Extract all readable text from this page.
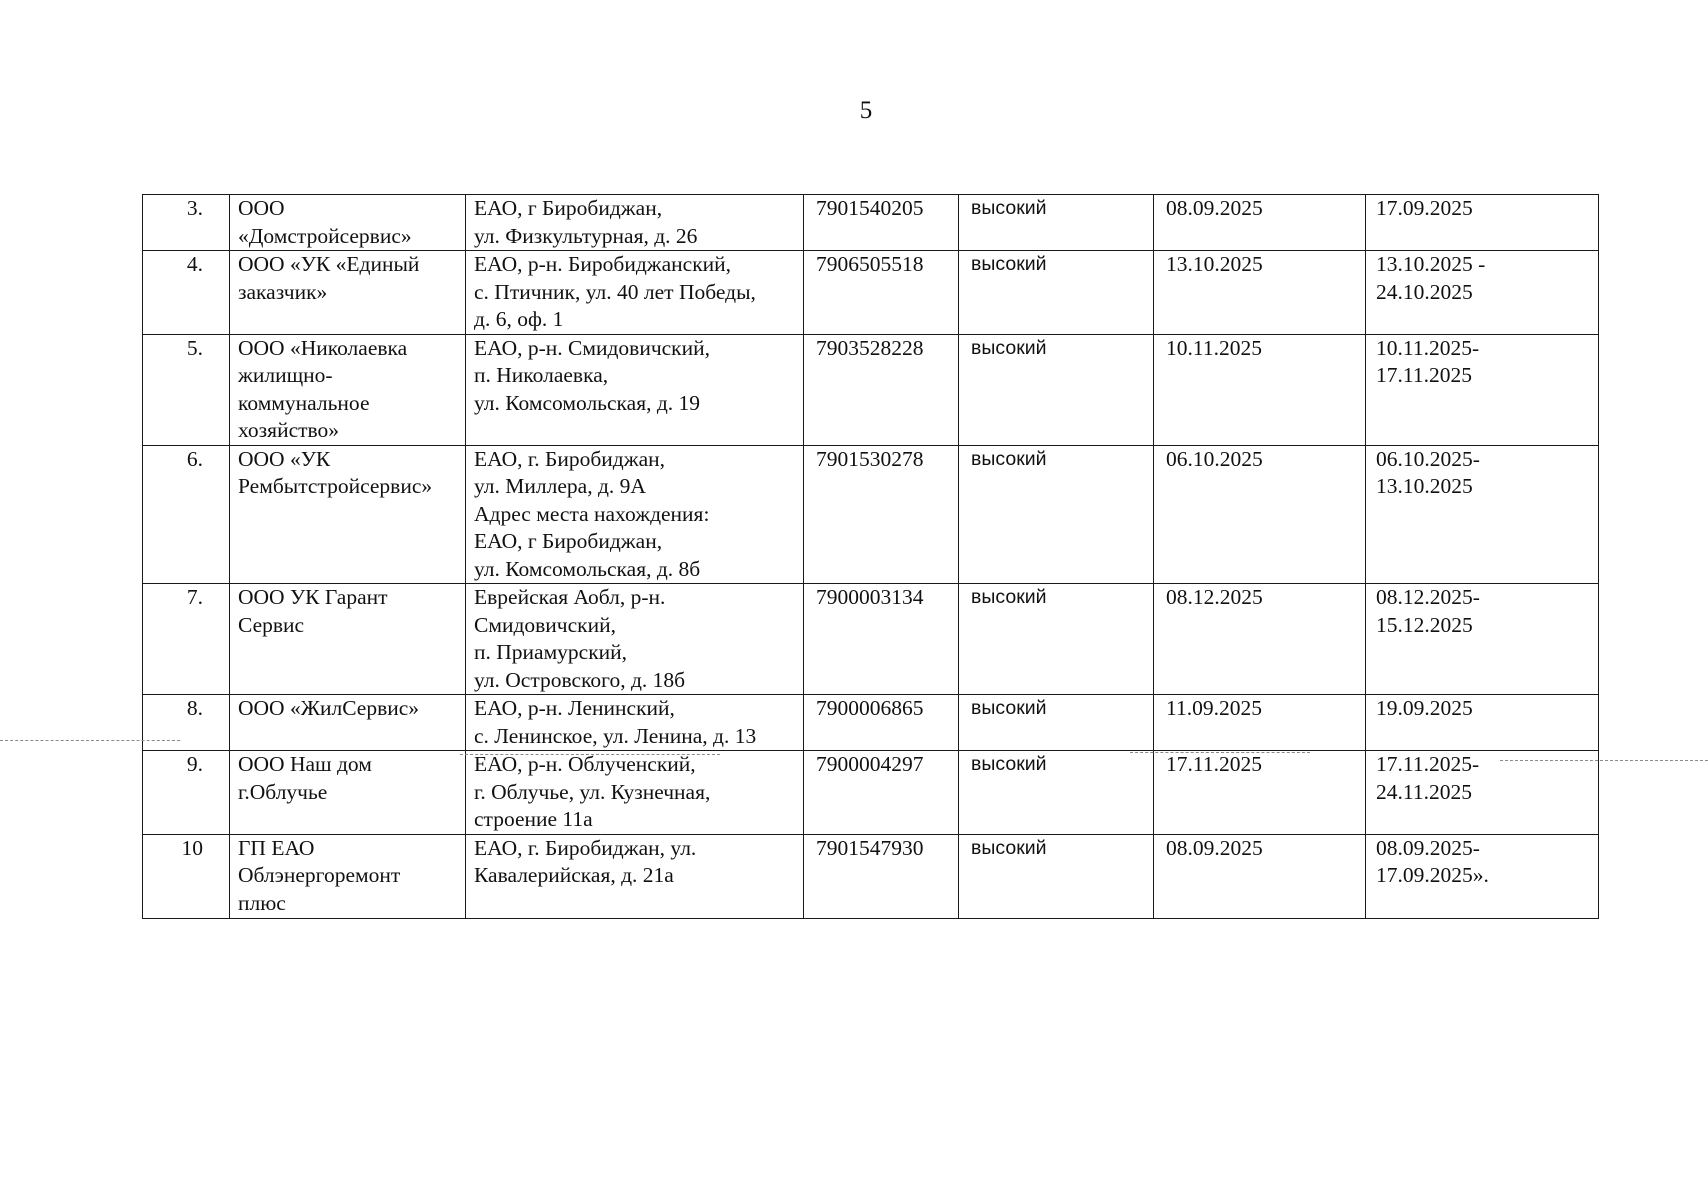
5
3.	ООО
«Домстройсервис»	ЕАО, г Биробиджан,
ул. Физкультурная, д. 26	7901540205	высокий	08.09.2025	17.09.2025

4.	ООО «УК «Единый
заказчик»	ЕАО, р-н. Биробиджанский,
с. Птичник, ул. 40 лет Победы,
д. 6, оф. 1	7906505518	высокий	13.10.2025	13.10.2025 -
24.10.2025

5.	ООО «Николаевка
жилищно-
коммунальное
хозяйство»	ЕАО, р-н. Смидовичский,
п. Николаевка,
ул. Комсомольская, д. 19	7903528228	высокий	10.11.2025	10.11.2025-
17.11.2025

6.	ООО «УК
Рембытстройсервис»	ЕАО, г. Биробиджан,
ул. Миллера, д. 9А
Адрес места нахождения:
ЕАО, г Биробиджан,
ул. Комсомольская, д. 8б	7901530278	высокий	06.10.2025	06.10.2025-
13.10.2025

7.	ООО УК Гарант
Сервис	Еврейская Аобл, р-н.
Смидовичский,
п. Приамурский,
ул. Островского, д. 18б	7900003134	высокий	08.12.2025	08.12.2025-
15.12.2025

8.	ООО «ЖилСервис»	ЕАО, р-н. Ленинский,
с. Ленинское, ул. Ленина, д. 13	7900006865	высокий	11.09.2025	19.09.2025

9.	ООО Наш дом
г.Облучье	ЕАО, р-н. Облученский,
г. Облучье, ул. Кузнечная,
строение 11а	7900004297	высокий	17.11.2025	17.11.2025-
24.11.2025

10	ГП ЕАО
Облэнергоремонт
плюс	ЕАО, г. Биробиджан, ул.
Кавалерийская, д. 21а	7901547930	высокий	08.09.2025	08.09.2025-
17.09.2025».
